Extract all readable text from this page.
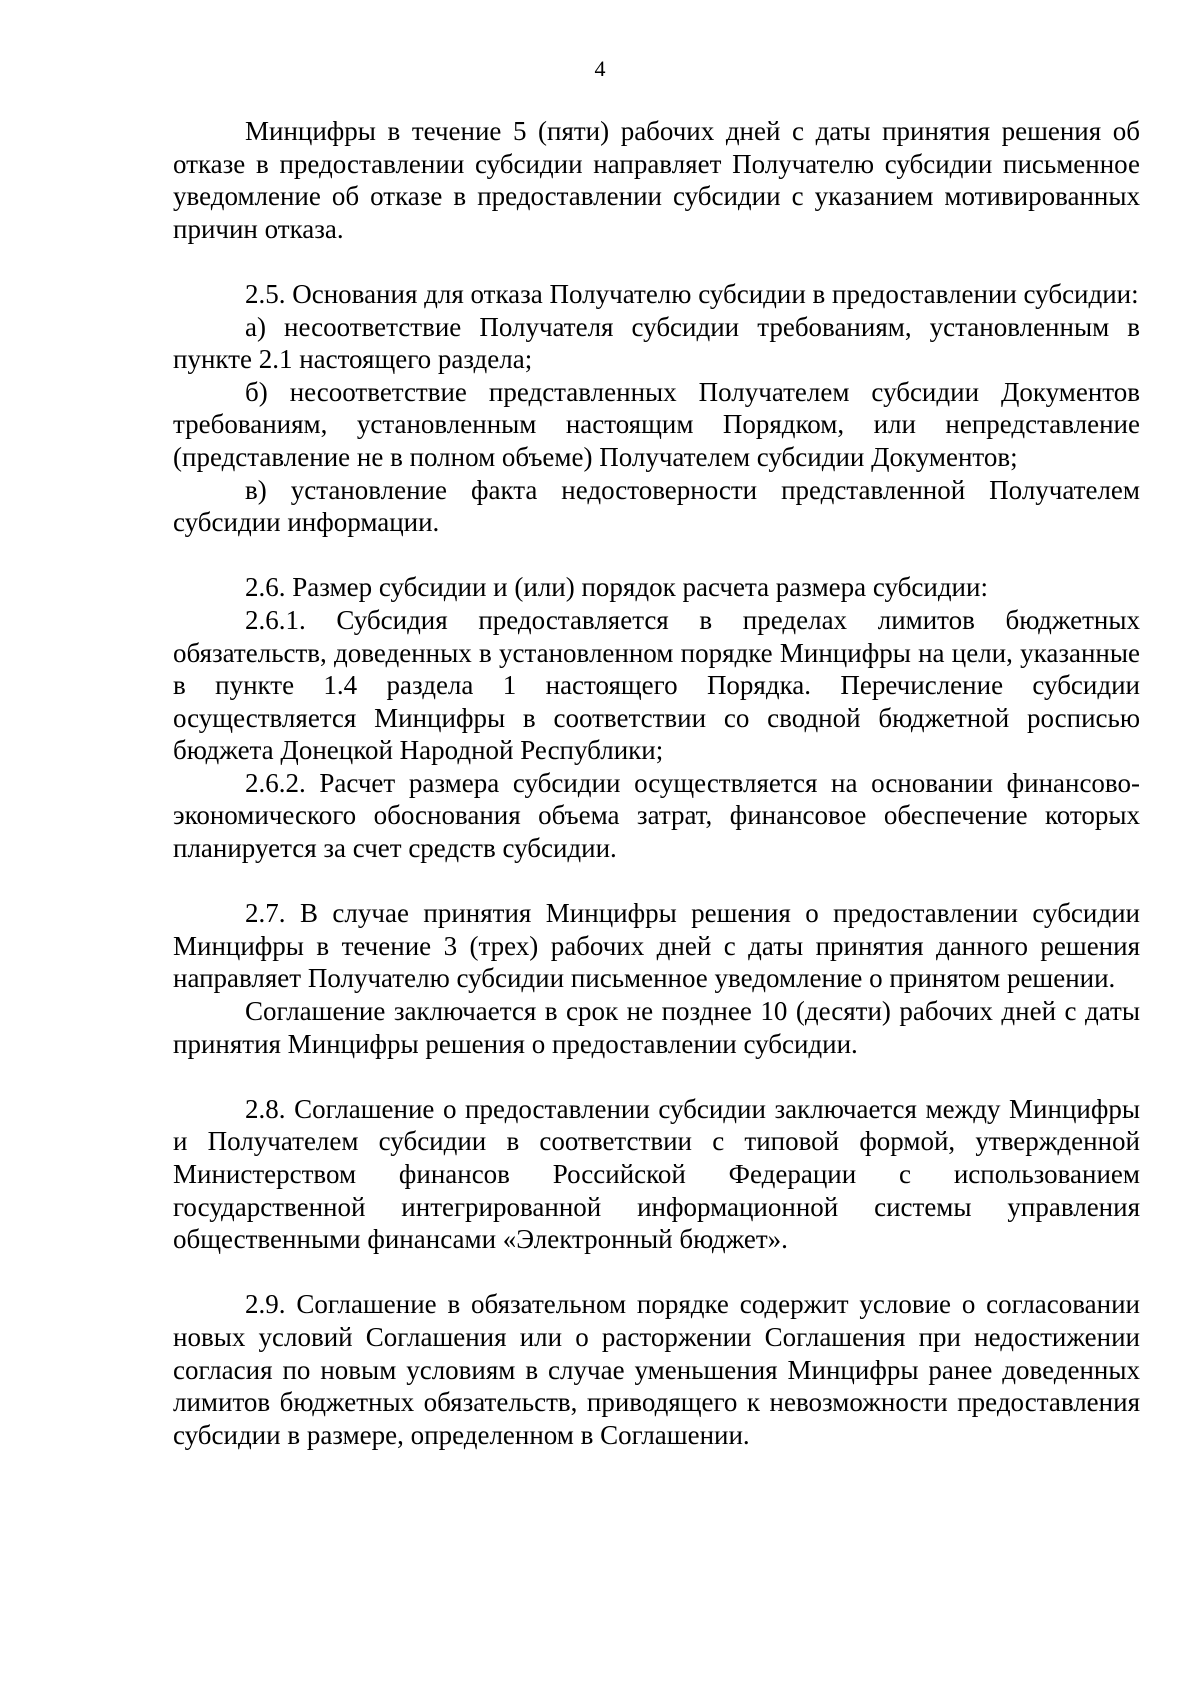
4

Минцифры в течение 5 (пяти) рабочих дней с даты принятия решения об отказе в предоставлении субсидии направляет Получателю субсидии письменное уведомление об отказе в предоставлении субсидии с указанием мотивированных причин отказа.

2.5. Основания для отказа Получателю субсидии в предоставлении субсидии:

а) несоответствие Получателя субсидии требованиям, установленным в пункте 2.1 настоящего раздела;

б) несоответствие представленных Получателем субсидии Документов требованиям, установленным настоящим Порядком, или непредставление (представление не в полном объеме) Получателем субсидии Документов;

в) установление факта недостоверности представленной Получателем субсидии информации.

2.6. Размер субсидии и (или) порядок расчета размера субсидии:

2.6.1. Субсидия предоставляется в пределах лимитов бюджетных обязательств, доведенных в установленном порядке Минцифры на цели, указанные в пункте 1.4 раздела 1 настоящего Порядка. Перечисление субсидии осуществляется Минцифры в соответствии со сводной бюджетной росписью бюджета Донецкой Народной Республики;

2.6.2. Расчет размера субсидии осуществляется на основании финансово-экономического обоснования объема затрат, финансовое обеспечение которых планируется за счет средств субсидии.

2.7. В случае принятия Минцифры решения о предоставлении субсидии Минцифры в течение 3 (трех) рабочих дней с даты принятия данного решения направляет Получателю субсидии письменное уведомление о принятом решении.

Соглашение заключается в срок не позднее 10 (десяти) рабочих дней с даты принятия Минцифры решения о предоставлении субсидии.

2.8. Соглашение о предоставлении субсидии заключается между Минцифры и Получателем субсидии в соответствии с типовой формой, утвержденной Министерством финансов Российской Федерации с использованием государственной интегрированной информационной системы управления общественными финансами «Электронный бюджет».

2.9. Соглашение в обязательном порядке содержит условие о согласовании новых условий Соглашения или о расторжении Соглашения при недостижении согласия по новым условиям в случае уменьшения Минцифры ранее доведенных лимитов бюджетных обязательств, приводящего к невозможности предоставления субсидии в размере, определенном в Соглашении.
